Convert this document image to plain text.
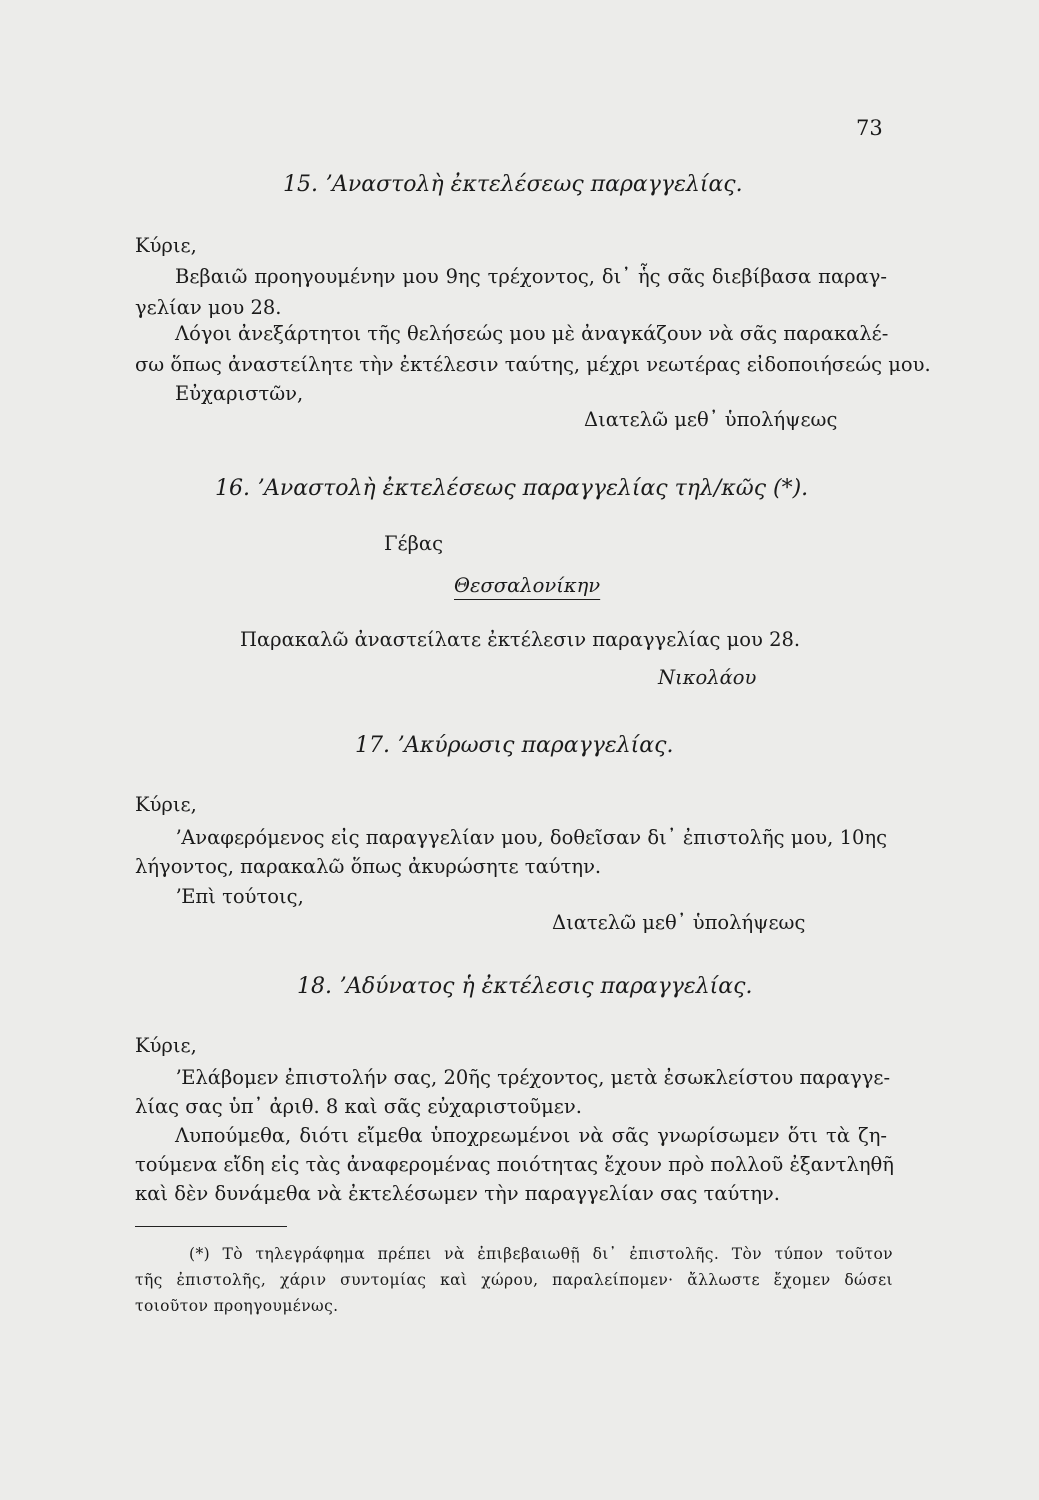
73
15. ʼΑναστολὴ ἐκτελέσεως παραγγελίας.
Κύριε,
Βεβαιῶ προηγουμένην μου 9ης τρέχοντος, δι᾽ ἧς σᾶς διεβίβασα παραγ-
γελίαν μου 28.
Λόγοι ἀνεξάρτητοι τῆς θελήσεώς μου μὲ ἀναγκάζουν νὰ σᾶς παρακαλέ-
σω ὅπως ἀναστείλητε τὴν ἐκτέλεσιν ταύτης, μέχρι νεωτέρας εἰδοποιήσεώς μου.
Εὐχαριστῶν,
Διατελῶ μεθ᾽ ὑπολήψεως
16. ʼΑναστολὴ ἐκτελέσεως παραγγελίας τηλ/κῶς (*).
Γέβας
Θεσσαλονίκην
Παρακαλῶ ἀναστείλατε ἐκτέλεσιν παραγγελίας μου 28.
Νικολάου
17. ʼΑκύρωσις παραγγελίας.
Κύριε,
ʼΑναφερόμενος εἰς παραγγελίαν μου, δοθεῖσαν δι᾽ ἐπιστολῆς μου, 10ης
λήγοντος, παρακαλῶ ὅπως ἀκυρώσητε ταύτην.
ʼΕπὶ τούτοις,
Διατελῶ μεθ᾽ ὑπολήψεως
18. ʼΑδύνατος ἡ ἐκτέλεσις παραγγελίας.
Κύριε,
ʼΕλάβομεν ἐπιστολήν σας, 20ῆς τρέχοντος, μετὰ ἐσωκλείστου παραγγε-
λίας σας ὑπ᾽ ἀριθ. 8 καὶ σᾶς εὐχαριστοῦμεν.
Λυπούμεθα, διότι εἴμεθα ὑποχρεωμένοι νὰ σᾶς γνωρίσωμεν ὅτι τὰ ζη-
τούμενα εἴδη εἰς τὰς ἀναφερομένας ποιότητας ἔχουν πρὸ πολλοῦ ἐξαντληθῆ
καὶ δὲν δυνάμεθα νὰ ἐκτελέσωμεν τὴν παραγγελίαν σας ταύτην.
(*) Τὸ τηλεγράφημα πρέπει νὰ ἐπιβεβαιωθῇ δι᾽ ἐπιστολῆς. Τὸν τύπον τοῦτον
τῆς ἐπιστολῆς, χάριν συντομίας καὶ χώρου, παραλείπομεν· ἄλλωστε ἔχομεν δώσει
τοιοῦτον προηγουμένως.
